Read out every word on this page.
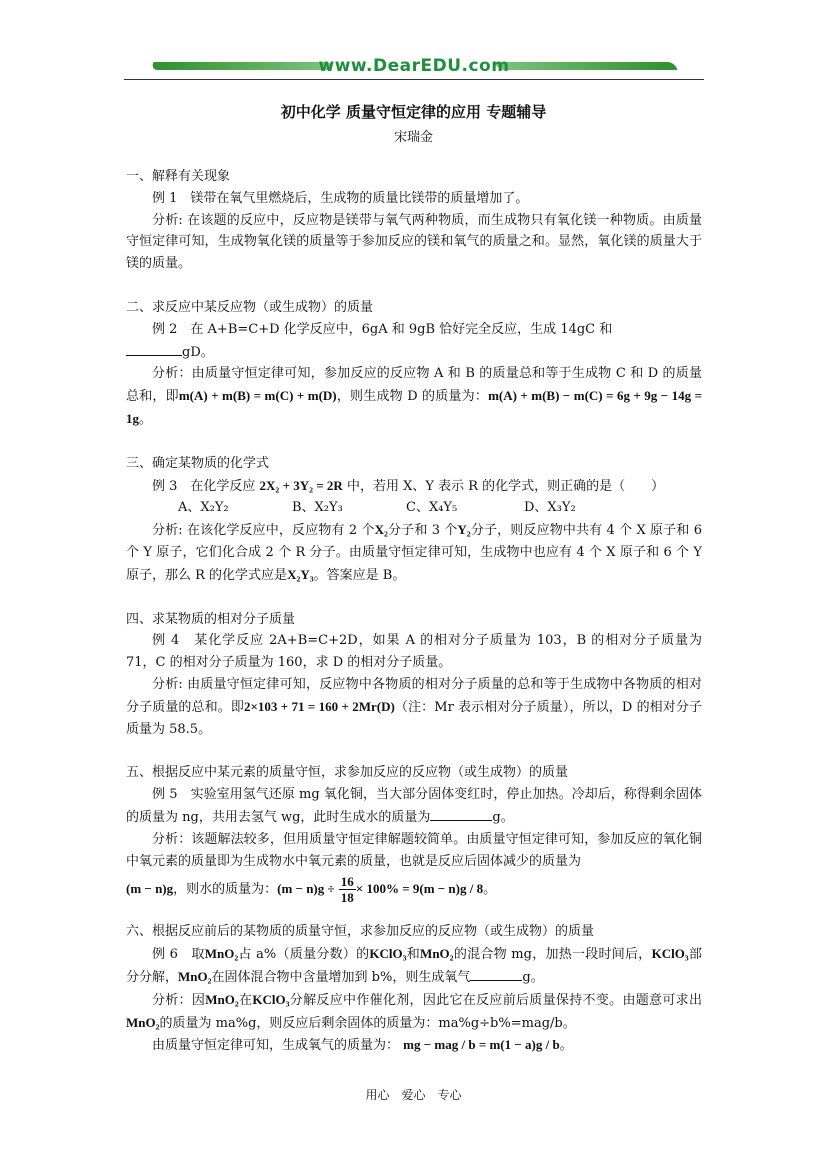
www.DearEDU.com
初中化学 质量守恒定律的应用 专题辅导
宋瑞金

一、解释有关现象

例 1　镁带在氧气里燃烧后，生成物的质量比镁带的质量增加了。

分析: 在该题的反应中，反应物是镁带与氧气两种物质，而生成物只有氧化镁一种物质。由质量守恒定律可知，生成物氧化镁的质量等于参加反应的镁和氧气的质量之和。显然，氧化镁的质量大于镁的质量。

二、求反应中某反应物（或生成物）的质量

例 2　在 A+B=C+D 化学反应中，6gA 和 9gB 恰好完全反应，生成 14gC 和
gD。

分析：由质量守恒定律可知，参加反应的反应物 A 和 B 的质量总和等于生成物 C 和 D 的质量总和，即m(A) + m(B) = m(C) + m(D)，则生成物 D 的质量为：m(A) + m(B) − m(C) = 6g + 9g − 14g = 1g。

三、确定某物质的化学式

例 3　在化学反应 2X₂ + 3Y₂ = 2R 中，若用 X、Y 表示 R 的化学式，则正确的是（　　）

A、X₂Y₂	B、X₂Y₃	C、X₄Y₅	D、X₃Y₂

分析: 在该化学反应中，反应物有 2 个X₂分子和 3 个Y₂分子，则反应物中共有 4 个 X 原子和 6 个 Y 原子，它们化合成 2 个 R 分子。由质量守恒定律可知，生成物中也应有 4 个 X 原子和 6 个 Y 原子，那么 R 的化学式应是X₂Y₃。答案应是 B。

四、求某物质的相对分子质量

例 4　某化学反应 2A+B=C+2D，如果 A 的相对分子质量为 103，B 的相对分子质量为 71，C 的相对分子质量为 160，求 D 的相对分子质量。

分析: 由质量守恒定律可知，反应物中各物质的相对分子质量的总和等于生成物中各物质的相对分子质量的总和。即2×103 + 71 = 160 + 2Mr(D)（注：Mr 表示相对分子质量），所以，D 的相对分子质量为 58.5。

五、根据反应中某元素的质量守恒，求参加反应的反应物（或生成物）的质量

例 5　实验室用氢气还原 mg 氧化铜，当大部分固体变红时，停止加热。冷却后，称得剩余固体的质量为 ng，共用去氢气 wg，此时生成水的质量为	g。

分析：该题解法较多，但用质量守恒定律解题较简单。由质量守恒定律可知，参加反应的氧化铜中氧元素的质量即为生成物水中氧元素的质量，也就是反应后固体减少的质量为

(m − n)g，则水的质量为：$(m - n)g \div \frac{16}{18} \times 100\% = 9(m - n)g / 8$。

六、根据反应前后的某物质的质量守恒，求参加反应的反应物（或生成物）的质量

例 6　取MnO₂占 a%（质量分数）的KClO₃和MnO₂的混合物 mg，加热一段时间后，KClO₃部分分解，MnO₂在固体混合物中含量增加到 b%，则生成氧气	g。

分析：因MnO₂在KClO₃分解反应中作催化剂，因此它在反应前后质量保持不变。由题意可求出MnO₂的质量为 ma%g，则反应后剩余固体的质量为：ma%g÷b%=mag/b。

由质量守恒定律可知，生成氧气的质量为： mg − mag / b = m(1 − a)g / b。

用心　爱心　专心
